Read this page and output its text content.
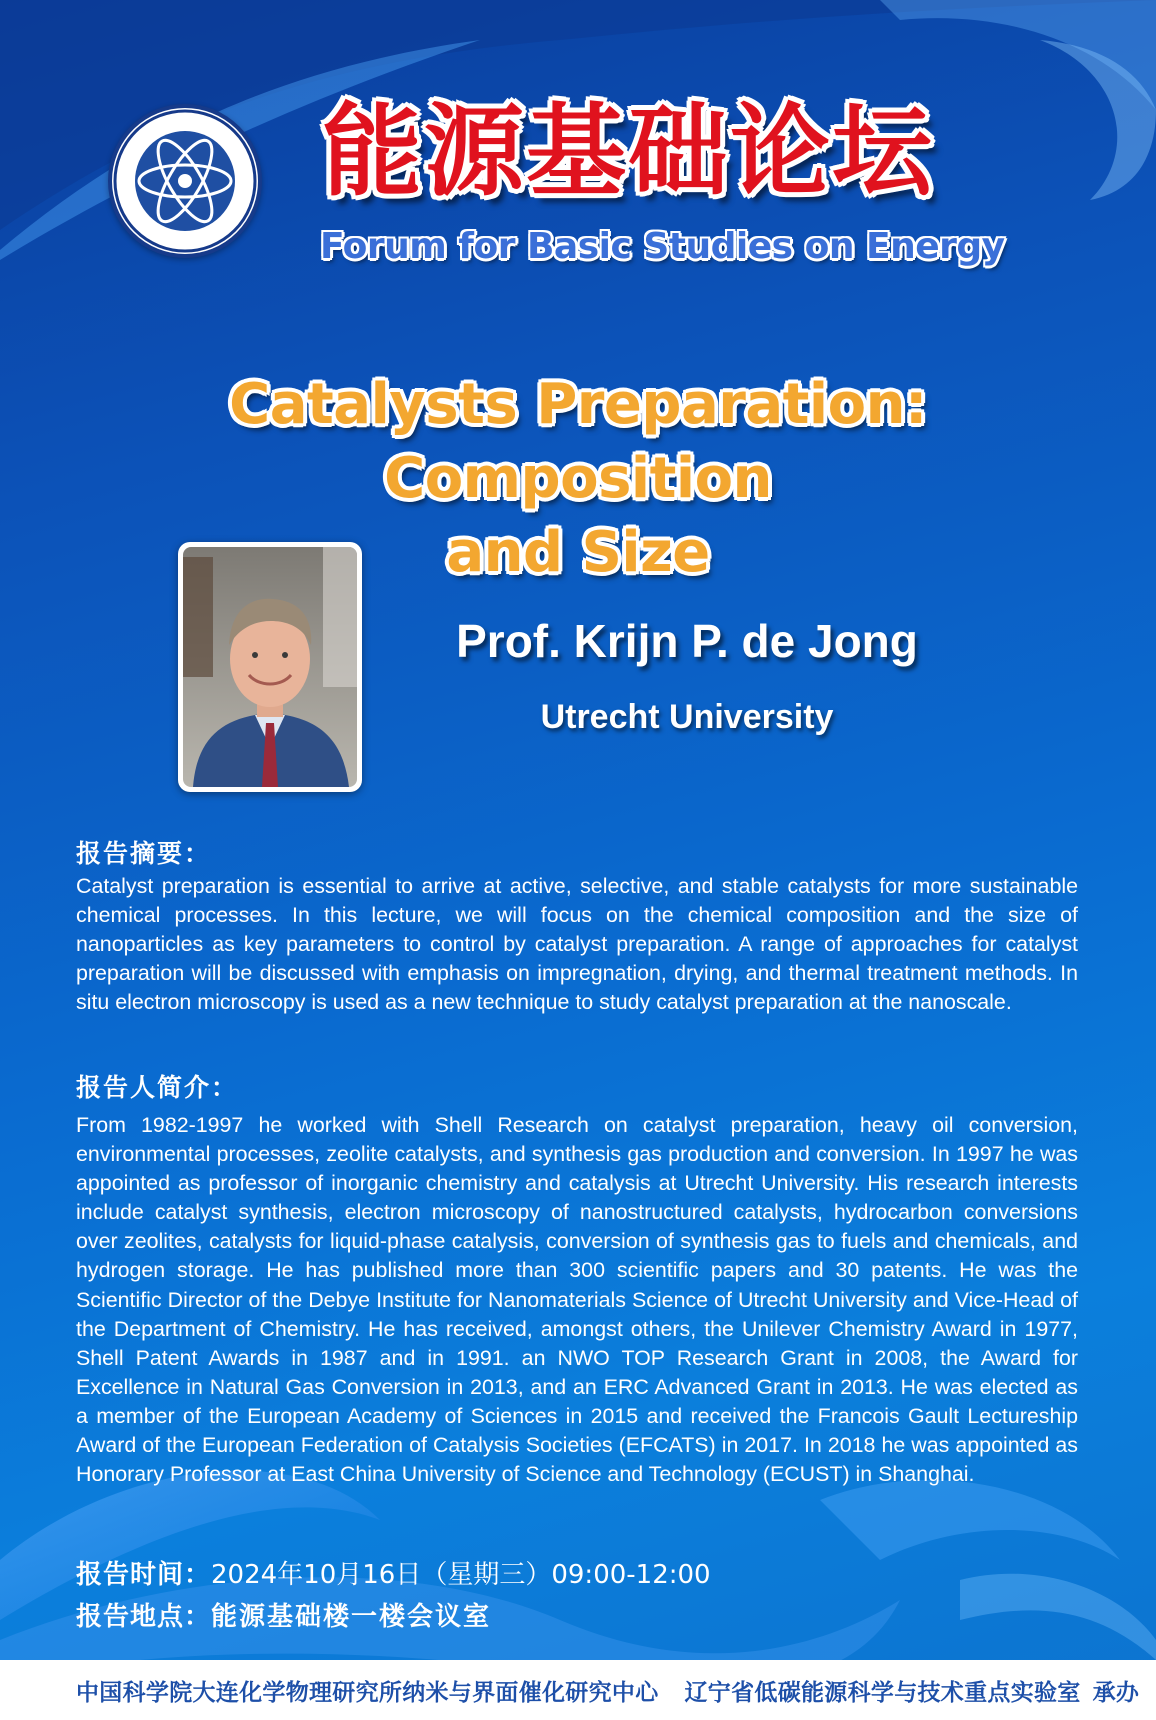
能源基础论坛
Forum for Basic Studies on Energy
Catalysts Preparation: Composition
and Size
Prof. Krijn P. de Jong
Utrecht University
报告摘要：
Catalyst preparation is essential to arrive at active, selective, and stable catalysts for more sustainable chemical processes. In this lecture, we will focus on the chemical composition and the size of nanoparticles as key parameters to control by catalyst preparation. A range of approaches for catalyst preparation will be discussed with emphasis on impregnation, drying, and thermal treatment methods. In situ electron microscopy is used as a new technique to study catalyst preparation at the nanoscale.
报告人简介：
From 1982-1997 he worked with Shell Research on catalyst preparation, heavy oil conversion, environmental processes, zeolite catalysts, and synthesis gas production and conversion. In 1997 he was appointed as professor of inorganic chemistry and catalysis at Utrecht University. His research interests include catalyst synthesis, electron microscopy of nanostructured catalysts, hydrocarbon conversions over zeolites, catalysts for liquid-phase catalysis, conversion of synthesis gas to fuels and chemicals, and hydrogen storage. He has published more than 300 scientific papers and 30 patents. He was the Scientific Director of the Debye Institute for Nanomaterials Science of Utrecht University and Vice-Head of the Department of Chemistry. He has received, amongst others, the Unilever Chemistry Award in 1977, Shell Patent Awards in 1987 and in 1991. an NWO TOP Research Grant in 2008, the Award for Excellence in Natural Gas Conversion in 2013, and an ERC Advanced Grant in 2013. He was elected as a member of the European Academy of Sciences in 2015 and received the Francois Gault Lectureship Award of the European Federation of Catalysis Societies (EFCATS) in 2017. In 2018 he was appointed as Honorary Professor at East China University of Science and Technology (ECUST) in Shanghai.
报告时间：2024年10月16日（星期三）09:00-12:00
报告地点：能源基础楼一楼会议室
中国科学院大连化学物理研究所纳米与界面催化研究中心 辽宁省低碳能源科学与技术重点实验室 承办
